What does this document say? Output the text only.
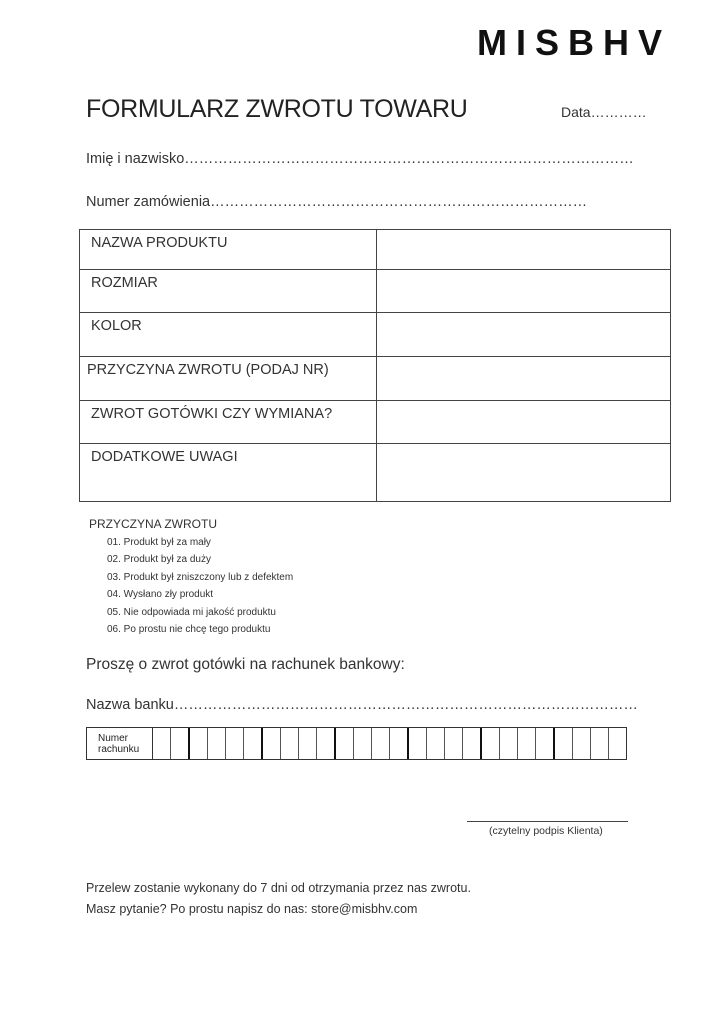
MISBHV
FORMULARZ ZWROTU TOWARU	Data…………
Imię i nazwisko…………………………………………………………………………………
Numer zamówienia……………………………………………………………………
NAZWA PRODUKTU
ROZMIAR
KOLOR
PRZYCZYNA ZWROTU (PODAJ NR)
ZWROT GOTÓWKI CZY WYMIANA?
DODATKOWE UWAGI
PRZYCZYNA ZWROTU
01. Produkt był za mały
02. Produkt był za duży
03. Produkt był zniszczony lub z defektem
04. Wysłano zły produkt
05. Nie odpowiada mi jakość produktu
06. Po prostu nie chcę tego produktu
Proszę o zwrot gotówki na rachunek bankowy:
Nazwa banku……………………………………………………………………………………
Numer rachunku
(czytelny podpis Klienta)
Przelew zostanie wykonany do 7 dni od otrzymania przez nas zwrotu.
Masz pytanie? Po prostu napisz do nas: store@misbhv.com
